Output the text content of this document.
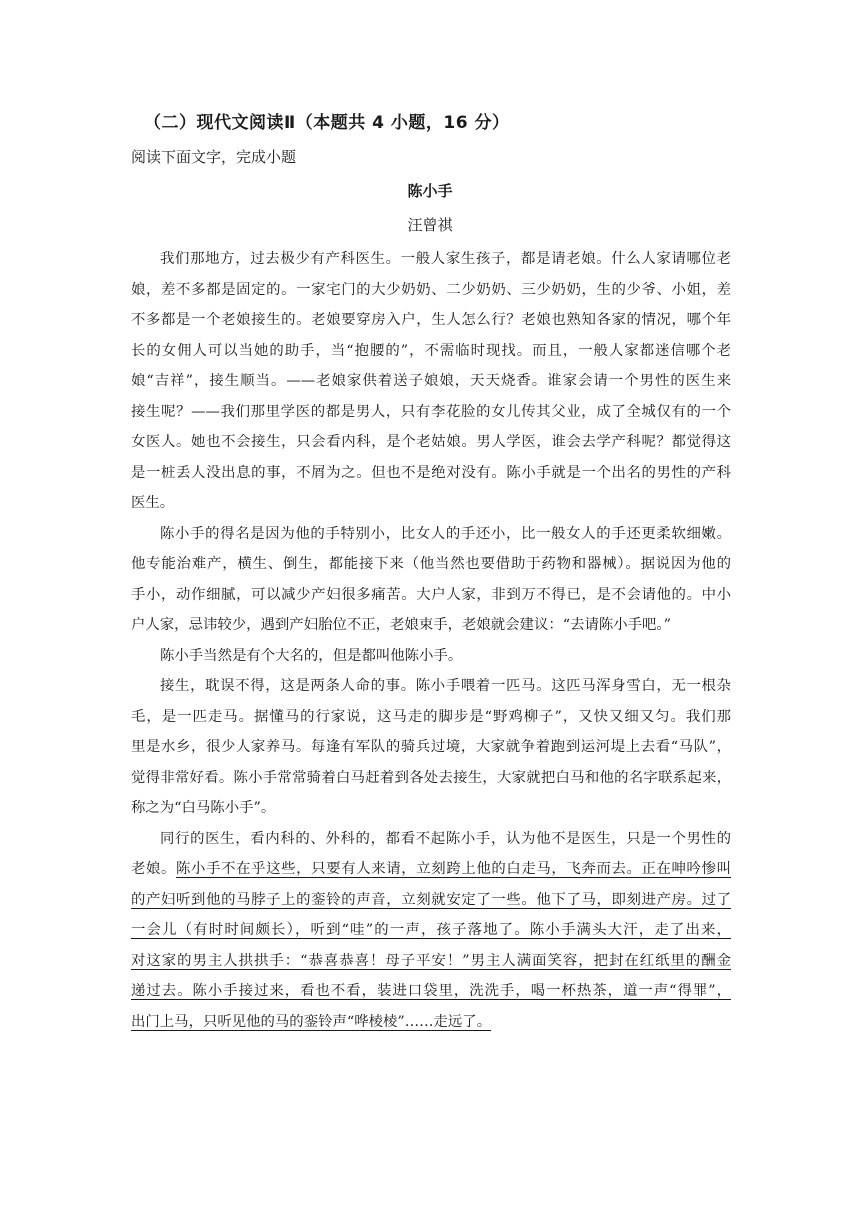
（二）现代文阅读Ⅱ（本题共 4 小题，16 分）
阅读下面文字，完成小题
陈小手
汪曾祺
我们那地方，过去极少有产科医生。一般人家生孩子，都是请老娘。什么人家请哪位老
娘，差不多都是固定的。一家宅门的大少奶奶、二少奶奶、三少奶奶，生的少爷、小姐，差
不多都是一个老娘接生的。老娘要穿房入户，生人怎么行？老娘也熟知各家的情况，哪个年
长的女佣人可以当她的助手，当“抱腰的”，不需临时现找。而且，一般人家都迷信哪个老
娘“吉祥”，接生顺当。——老娘家供着送子娘娘，天天烧香。谁家会请一个男性的医生来
接生呢？——我们那里学医的都是男人，只有李花脸的女儿传其父业，成了全城仅有的一个
女医人。她也不会接生，只会看内科，是个老姑娘。男人学医，谁会去学产科呢？都觉得这
是一桩丢人没出息的事，不屑为之。但也不是绝对没有。陈小手就是一个出名的男性的产科
医生。
陈小手的得名是因为他的手特别小，比女人的手还小，比一般女人的手还更柔软细嫩。
他专能治难产，横生、倒生，都能接下来（他当然也要借助于药物和器械）。据说因为他的
手小，动作细腻，可以减少产妇很多痛苦。大户人家，非到万不得已，是不会请他的。中小
户人家，忌讳较少，遇到产妇胎位不正，老娘束手，老娘就会建议：“去请陈小手吧。”
陈小手当然是有个大名的，但是都叫他陈小手。
接生，耽误不得，这是两条人命的事。陈小手喂着一匹马。这匹马浑身雪白，无一根杂
毛，是一匹走马。据懂马的行家说，这马走的脚步是“野鸡柳子”，又快又细又匀。我们那
里是水乡，很少人家养马。每逢有军队的骑兵过境，大家就争着跑到运河堤上去看“马队”，
觉得非常好看。陈小手常常骑着白马赶着到各处去接生，大家就把白马和他的名字联系起来，
称之为“白马陈小手”。
同行的医生，看内科的、外科的，都看不起陈小手，认为他不是医生，只是一个男性的
老娘。陈小手不在乎这些，只要有人来请，立刻跨上他的白走马，飞奔而去。正在呻吟惨叫
的产妇听到他的马脖子上的銮铃的声音，立刻就安定了一些。他下了马，即刻进产房。过了
一会儿（有时时间颇长），听到“哇”的一声，孩子落地了。陈小手满头大汗，走了出来，
对这家的男主人拱拱手：“恭喜恭喜！母子平安！”男主人满面笑容，把封在红纸里的酬金
递过去。陈小手接过来，看也不看，装进口袋里，洗洗手，喝一杯热茶，道一声“得罪”，
出门上马，只听见他的马的銮铃声“哗棱棱”……走远了。
